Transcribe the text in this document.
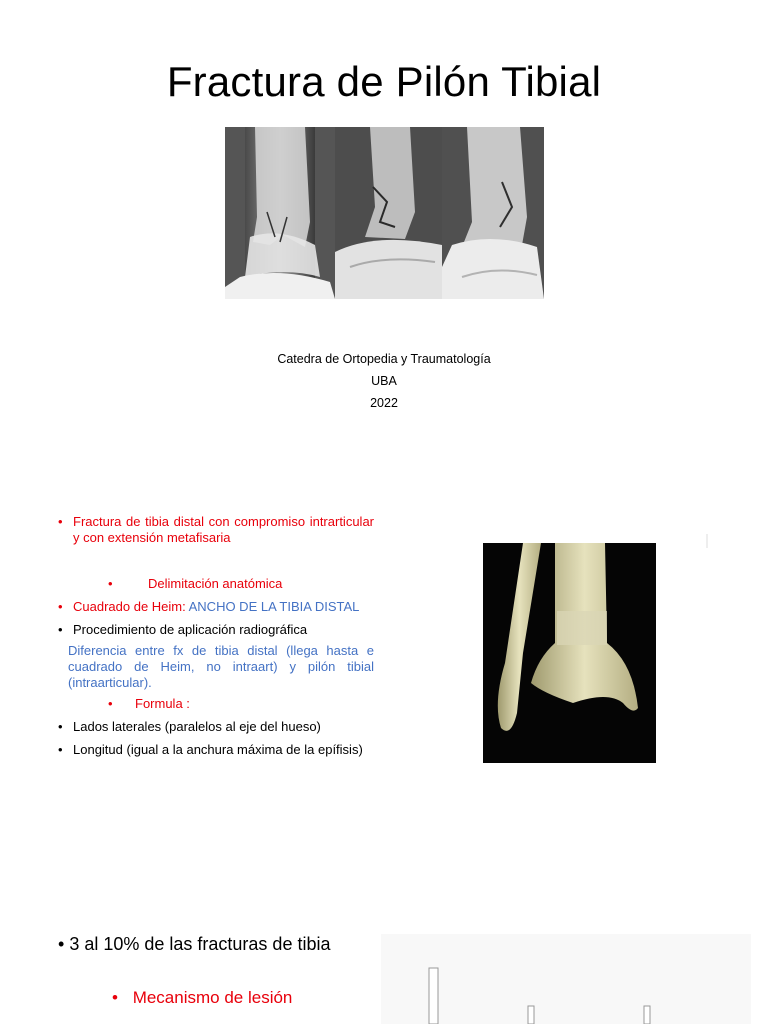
Fractura de Pilón Tibial
Catedra de Ortopedia y Traumatología
UBA
2022
• Fractura de tibia distal con compromiso intrarticular y con extensión metafisaria
•	Delimitación anatómica
• Cuadrado de Heim: ANCHO DE LA TIBIA DISTAL
• Procedimiento de aplicación radiográfica
Diferencia entre fx de tibia distal (llega hasta e cuadrado de Heim, no intraart) y pilón tibial (intraarticular).
• Formula :
• Lados laterales (paralelos al eje del hueso)
• Longitud (igual a la anchura máxima de la epífisis)
• 3 al 10% de las fracturas de tibia
• Mecanismo de lesión
